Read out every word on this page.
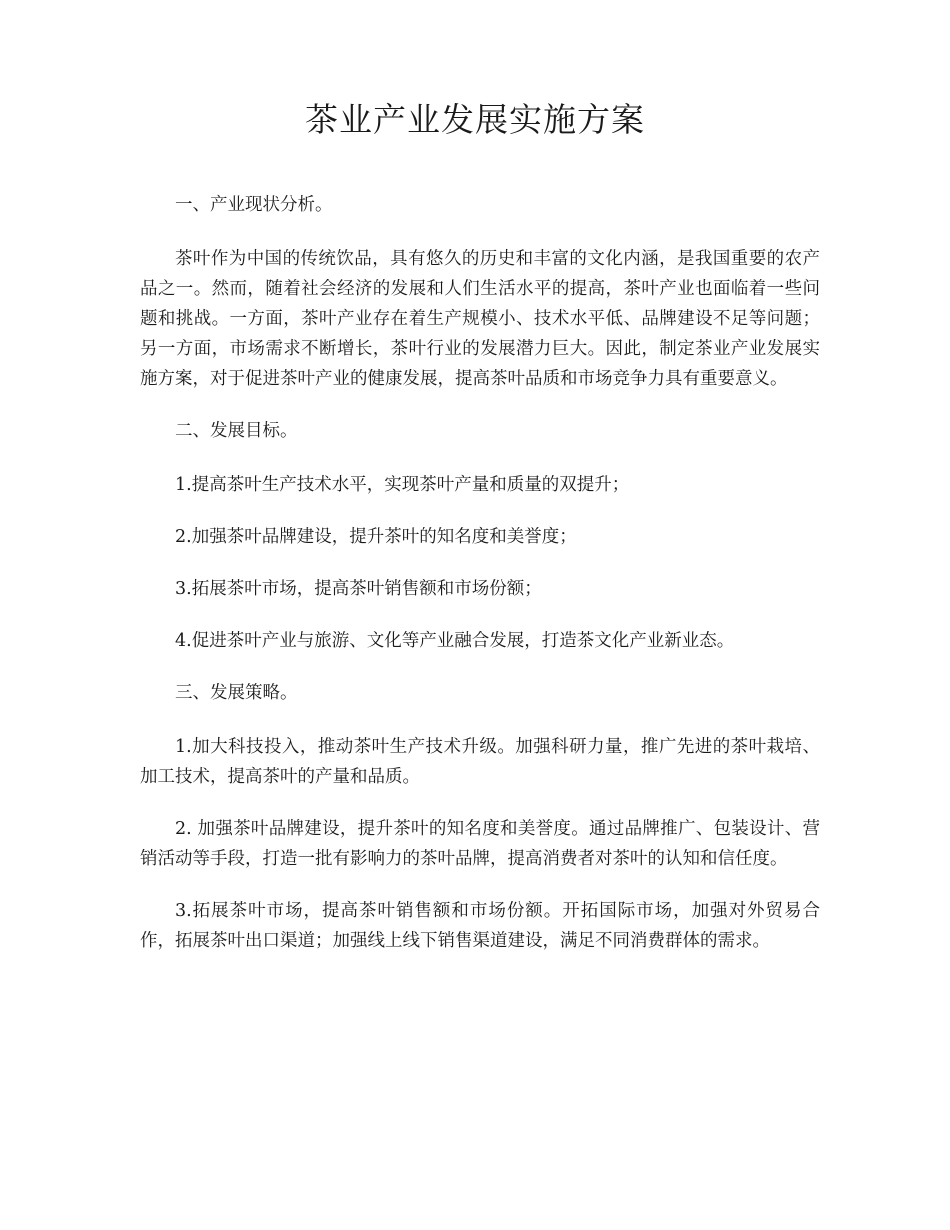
茶业产业发展实施方案

一、产业现状分析。

茶叶作为中国的传统饮品，具有悠久的历史和丰富的文化内涵，是我国重要的农产品之一。然而，随着社会经济的发展和人们生活水平的提高，茶叶产业也面临着一些问题和挑战。一方面，茶叶产业存在着生产规模小、技术水平低、品牌建设不足等问题；另一方面，市场需求不断增长，茶叶行业的发展潜力巨大。因此，制定茶业产业发展实施方案，对于促进茶叶产业的健康发展，提高茶叶品质和市场竞争力具有重要意义。

二、发展目标。

1.提高茶叶生产技术水平，实现茶叶产量和质量的双提升；

2.加强茶叶品牌建设，提升茶叶的知名度和美誉度；

3.拓展茶叶市场，提高茶叶销售额和市场份额；

4.促进茶叶产业与旅游、文化等产业融合发展，打造茶文化产业新业态。

三、发展策略。

1.加大科技投入，推动茶叶生产技术升级。加强科研力量，推广先进的茶叶栽培、加工技术，提高茶叶的产量和品质。

2. 加强茶叶品牌建设，提升茶叶的知名度和美誉度。通过品牌推广、包装设计、营销活动等手段，打造一批有影响力的茶叶品牌，提高消费者对茶叶的认知和信任度。

3.拓展茶叶市场，提高茶叶销售额和市场份额。开拓国际市场，加强对外贸易合作，拓展茶叶出口渠道；加强线上线下销售渠道建设，满足不同消费群体的需求。
